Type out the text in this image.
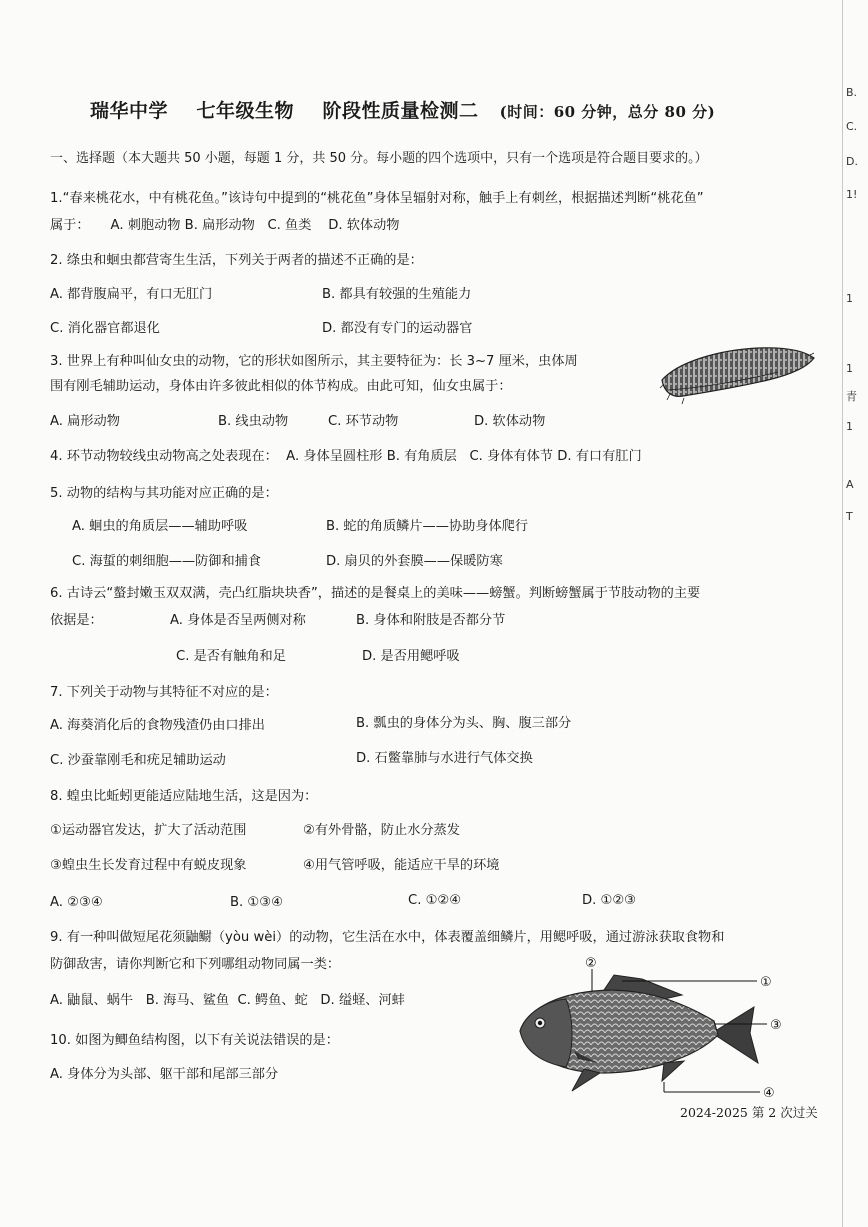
瑞华中学 七年级生物 阶段性质量检测二 (时间：60 分钟，总分 80 分)
一、选择题（本大题共 50 小题，每题 1 分，共 50 分。每小题的四个选项中，只有一个选项是符合题目要求的。）
1.“春来桃花水，中有桃花鱼。”该诗句中提到的“桃花鱼”身体呈辐射对称，触手上有刺丝，根据描述判断“桃花鱼”
属于： A. 刺胞动物 B. 扁形动物 C. 鱼类 D. 软体动物
2. 绦虫和蛔虫都营寄生生活，下列关于两者的描述不正确的是：
A. 都背腹扁平，有口无肛门	B. 都具有较强的生殖能力
C. 消化器官都退化	D. 都没有专门的运动器官
3. 世界上有种叫仙女虫的动物，它的形状如图所示，其主要特征为：长 3~7 厘米，虫体周
围有刚毛辅助运动，身体由许多彼此相似的体节构成。由此可知，仙女虫属于：
A. 扁形动物	B. 线虫动物	C. 环节动物	D. 软体动物
4. 环节动物较线虫动物高之处表现在： A. 身体呈圆柱形 B. 有角质层 C. 身体有体节 D. 有口有肛门
5. 动物的结构与其功能对应正确的是：
A. 蛔虫的角质层——辅助呼吸	B. 蛇的角质鳞片——协助身体爬行
C. 海蜇的刺细胞——防御和捕食	D. 扇贝的外套膜——保暖防寒
6. 古诗云“螯封嫩玉双双满，壳凸红脂块块香”，描述的是餐桌上的美味——螃蟹。判断螃蟹属于节肢动物的主要
依据是：	A. 身体是否呈两侧对称	B. 身体和附肢是否都分节
C. 是否有触角和足	D. 是否用鳃呼吸
7. 下列关于动物与其特征不对应的是：
A. 海葵消化后的食物残渣仍由口排出	B. 瓢虫的身体分为头、胸、腹三部分
C. 沙蚕靠刚毛和疣足辅助运动	D. 石鳖靠肺与水进行气体交换
8. 蝗虫比蚯蚓更能适应陆地生活，这是因为：
①运动器官发达，扩大了活动范围	②有外骨骼，防止水分蒸发
③蝗虫生长发育过程中有蜕皮现象	④用气管呼吸，能适应干旱的环境
A. ②③④	B. ①③④	C. ①②④	D. ①②③
9. 有一种叫做短尾花须鼬鳚（yòu wèi）的动物，它生活在水中，体表覆盖细鳞片，用鳃呼吸，通过游泳获取食物和
防御敌害，请你判断它和下列哪组动物同属一类：
A. 鼬鼠、蜗牛 B. 海马、鲨鱼 C. 鳄鱼、蛇 D. 缢蛏、河蚌
10. 如图为鲫鱼结构图，以下有关说法错误的是：
A. 身体分为头部、躯干部和尾部三部分
②
①
③
④
2024-2025 第 2 次过关
B.
C.
D.
1!
1
1
青
1
A
T
